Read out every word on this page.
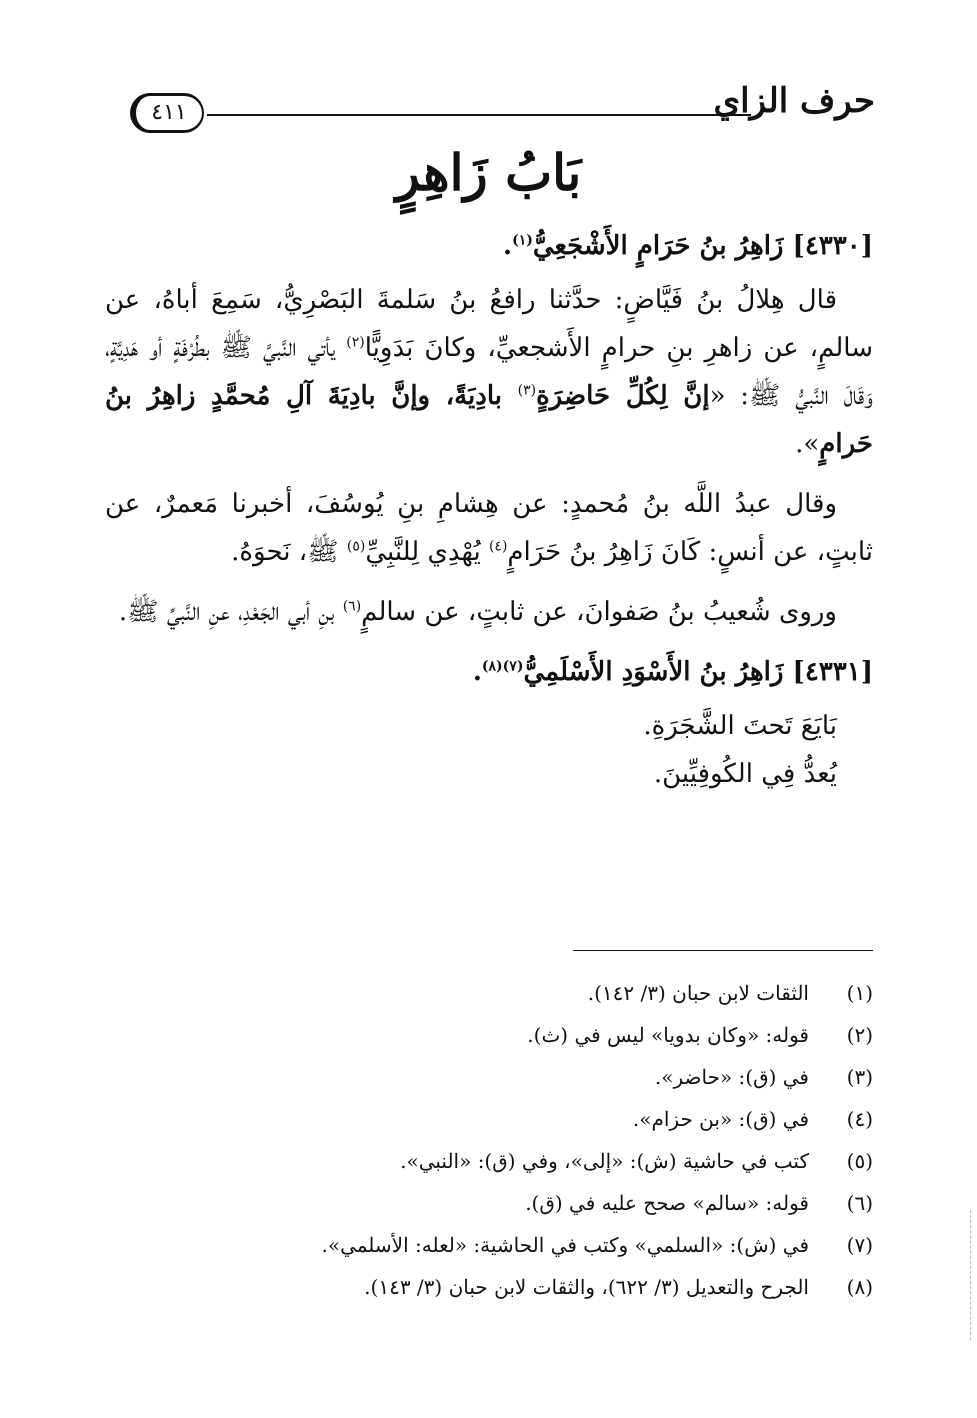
حرف الزاي
٤١١
بَابُ زَاهِرٍ
[٤٣٣٠] زَاهِرُ بنُ حَرَامٍ الأَشْجَعِيُّ$^{(١)}$.

قال هِلالُ بنُ فَيَّاضٍ: حدَّثنا رافعُ بنُ سَلمةَ البَصْرِيُّ، سَمِعَ أباهُ، عن سالمٍ، عن زاهرِ بنِ حرامٍ الأَشجعيِّ، وكانَ بَدَوِيًّا$^{(٢)}$ يأتي النَّبيَّ ﷺ بطُرْفَةٍ أو هَدِيَّةٍ، وَقَالَ النَّبيُّ ﷺ: «إنَّ لِكُلِّ حَاضِرَةٍ$^{(٣)}$ بادِيَةً، وإنَّ بادِيَةَ آلِ مُحمَّدٍ زاهِرُ بنُ حَرامٍ».

وقال عبدُ اللَّه بنُ مُحمدٍ: عن هِشامِ بنِ يُوسُفَ، أخبرنا مَعمرٌ، عن ثابتٍ، عن أنسٍ: كَانَ زَاهِرُ بنُ حَرَامٍ$^{(٤)}$ يُهْدِي لِلنَّبِيِّ$^{(٥)}$ ﷺ، نَحوَهُ.

وروى شُعيبُ بنُ صَفوانَ، عن ثابتٍ، عن سالمٍ$^{(٦)}$ بنِ أبي الجَعْدِ، عنِ النَّبيِّ ﷺ.

[٤٣٣١] زَاهِرُ بنُ الأَسْوَدِ الأَسْلَمِيُّ$^{(٧)(٨)}$.
بَايَعَ تَحتَ الشَّجَرَةِ.
يُعدُّ فِي الكُوفِيِّينَ.
(١)
الثقات لابن حبان (٣/ ١٤٢).
(٢)
قوله: «وكان بدويا» ليس في (ث).
(٣)
في (ق): «حاضر».
(٤)
في (ق): «بن حزام».
(٥)
كتب في حاشية (ش): «إلى»، وفي (ق): «النبي».
(٦)
قوله: «سالم» صحح عليه في (ق).
(٧)
في (ش): «السلمي» وكتب في الحاشية: «لعله: الأسلمي».
(٨)
الجرح والتعديل (٣/ ٦٢٢)، والثقات لابن حبان (٣/ ١٤٣).
